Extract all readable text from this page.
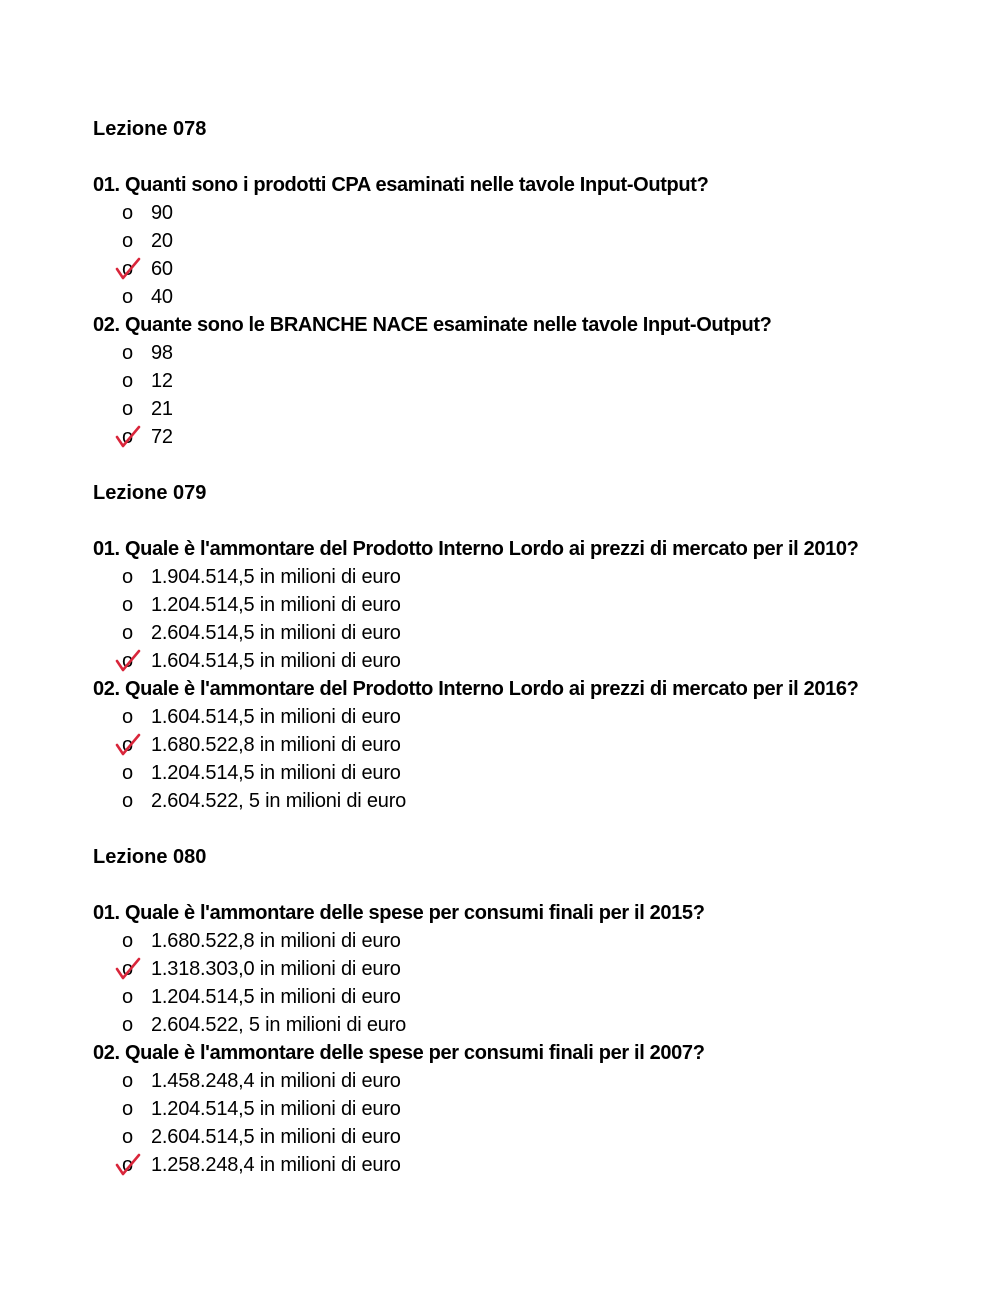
Lezione 078
01. Quanti sono i prodotti CPA esaminati nelle tavole Input-Output?
o
90
o
20
o
60
o
40
02. Quante sono le BRANCHE NACE esaminate nelle tavole Input-Output?
o
98
o
12
o
21
o
72
Lezione 079
01. Quale è l'ammontare del Prodotto Interno Lordo ai prezzi di mercato per il 2010?
o
1.904.514,5 in milioni di euro
o
1.204.514,5 in milioni di euro
o
2.604.514,5 in milioni di euro
o
1.604.514,5 in milioni di euro
02. Quale è l'ammontare del Prodotto Interno Lordo ai prezzi di mercato per il 2016?
o
1.604.514,5 in milioni di euro
o
1.680.522,8 in milioni di euro
o
1.204.514,5 in milioni di euro
o
2.604.522, 5 in milioni di euro
Lezione 080
01. Quale è l'ammontare delle spese per consumi finali per il 2015?
o
1.680.522,8 in milioni di euro
o
1.318.303,0 in milioni di euro
o
1.204.514,5 in milioni di euro
o
2.604.522, 5 in milioni di euro
02. Quale è l'ammontare delle spese per consumi finali per il 2007?
o
1.458.248,4 in milioni di euro
o
1.204.514,5 in milioni di euro
o
2.604.514,5 in milioni di euro
o
1.258.248,4 in milioni di euro
